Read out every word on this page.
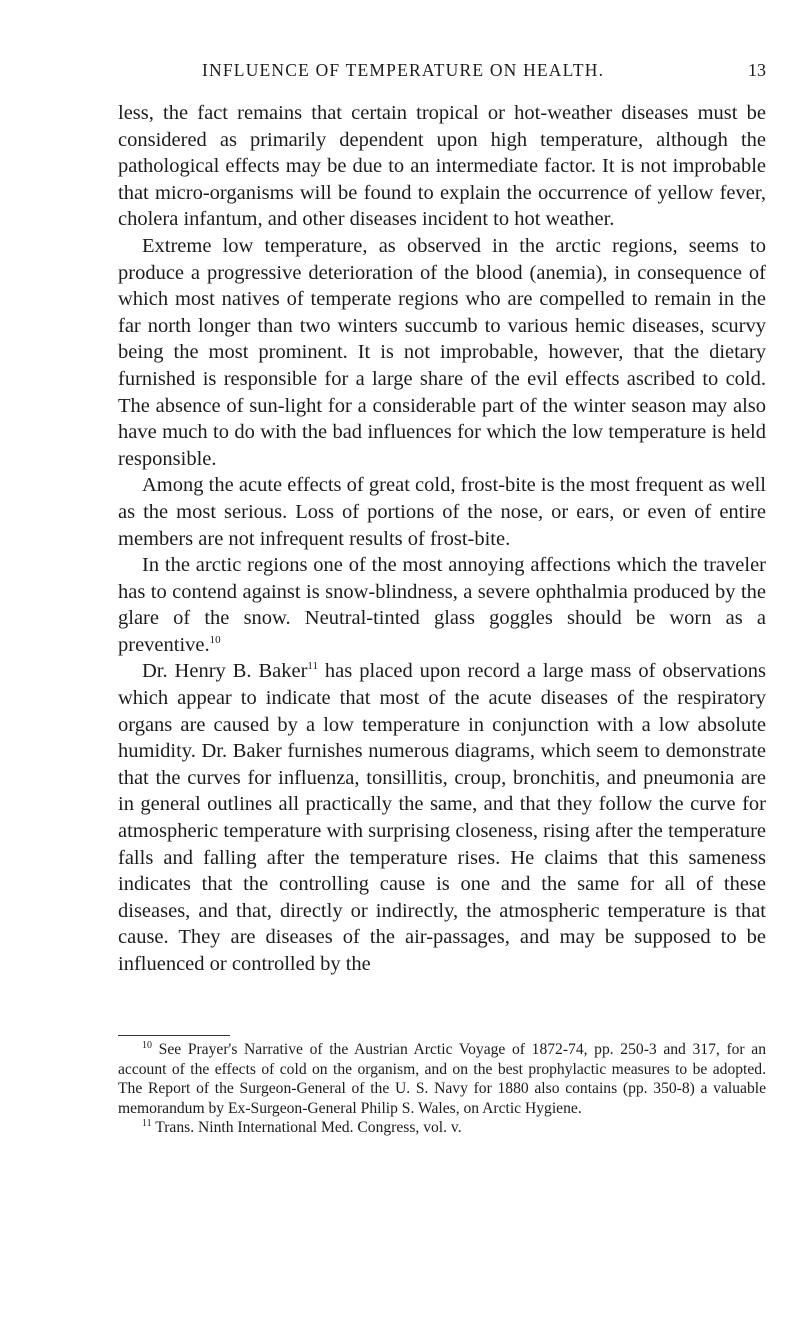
INFLUENCE OF TEMPERATURE ON HEALTH.	13

less, the fact remains that certain tropical or hot-weather diseases must be considered as primarily dependent upon high temperature, although the pathological effects may be due to an intermediate factor. It is not improbable that micro-organisms will be found to explain the occurrence of yellow fever, cholera infantum, and other diseases incident to hot weather.

Extreme low temperature, as observed in the arctic regions, seems to produce a progressive deterioration of the blood (anemia), in consequence of which most natives of temperate regions who are compelled to remain in the far north longer than two winters succumb to various hemic diseases, scurvy being the most prominent. It is not improbable, however, that the dietary furnished is responsible for a large share of the evil effects ascribed to cold. The absence of sun-light for a considerable part of the winter season may also have much to do with the bad influences for which the low temperature is held responsible.

Among the acute effects of great cold, frost-bite is the most frequent as well as the most serious. Loss of portions of the nose, or ears, or even of entire members are not infrequent results of frost-bite.

In the arctic regions one of the most annoying affections which the traveler has to contend against is snow-blindness, a severe ophthalmia produced by the glare of the snow. Neutral-tinted glass goggles should be worn as a preventive.$^{10}$

Dr. Henry B. Baker$^{11}$ has placed upon record a large mass of observations which appear to indicate that most of the acute diseases of the respiratory organs are caused by a low temperature in conjunction with a low absolute humidity. Dr. Baker furnishes numerous diagrams, which seem to demonstrate that the curves for influenza, tonsillitis, croup, bronchitis, and pneumonia are in general outlines all practically the same, and that they follow the curve for atmospheric temperature with surprising closeness, rising after the temperature falls and falling after the temperature rises. He claims that this sameness indicates that the controlling cause is one and the same for all of these diseases, and that, directly or indirectly, the atmospheric temperature is that cause. They are diseases of the air-passages, and may be supposed to be influenced or controlled by the

$^{10}$ See Prayer's Narrative of the Austrian Arctic Voyage of 1872-74, pp. 250-3 and 317, for an account of the effects of cold on the organism, and on the best prophylactic measures to be adopted. The Report of the Surgeon-General of the U. S. Navy for 1880 also contains (pp. 350-8) a valuable memorandum by Ex-Surgeon-General Philip S. Wales, on Arctic Hygiene.

$^{11}$ Trans. Ninth International Med. Congress, vol. v.
